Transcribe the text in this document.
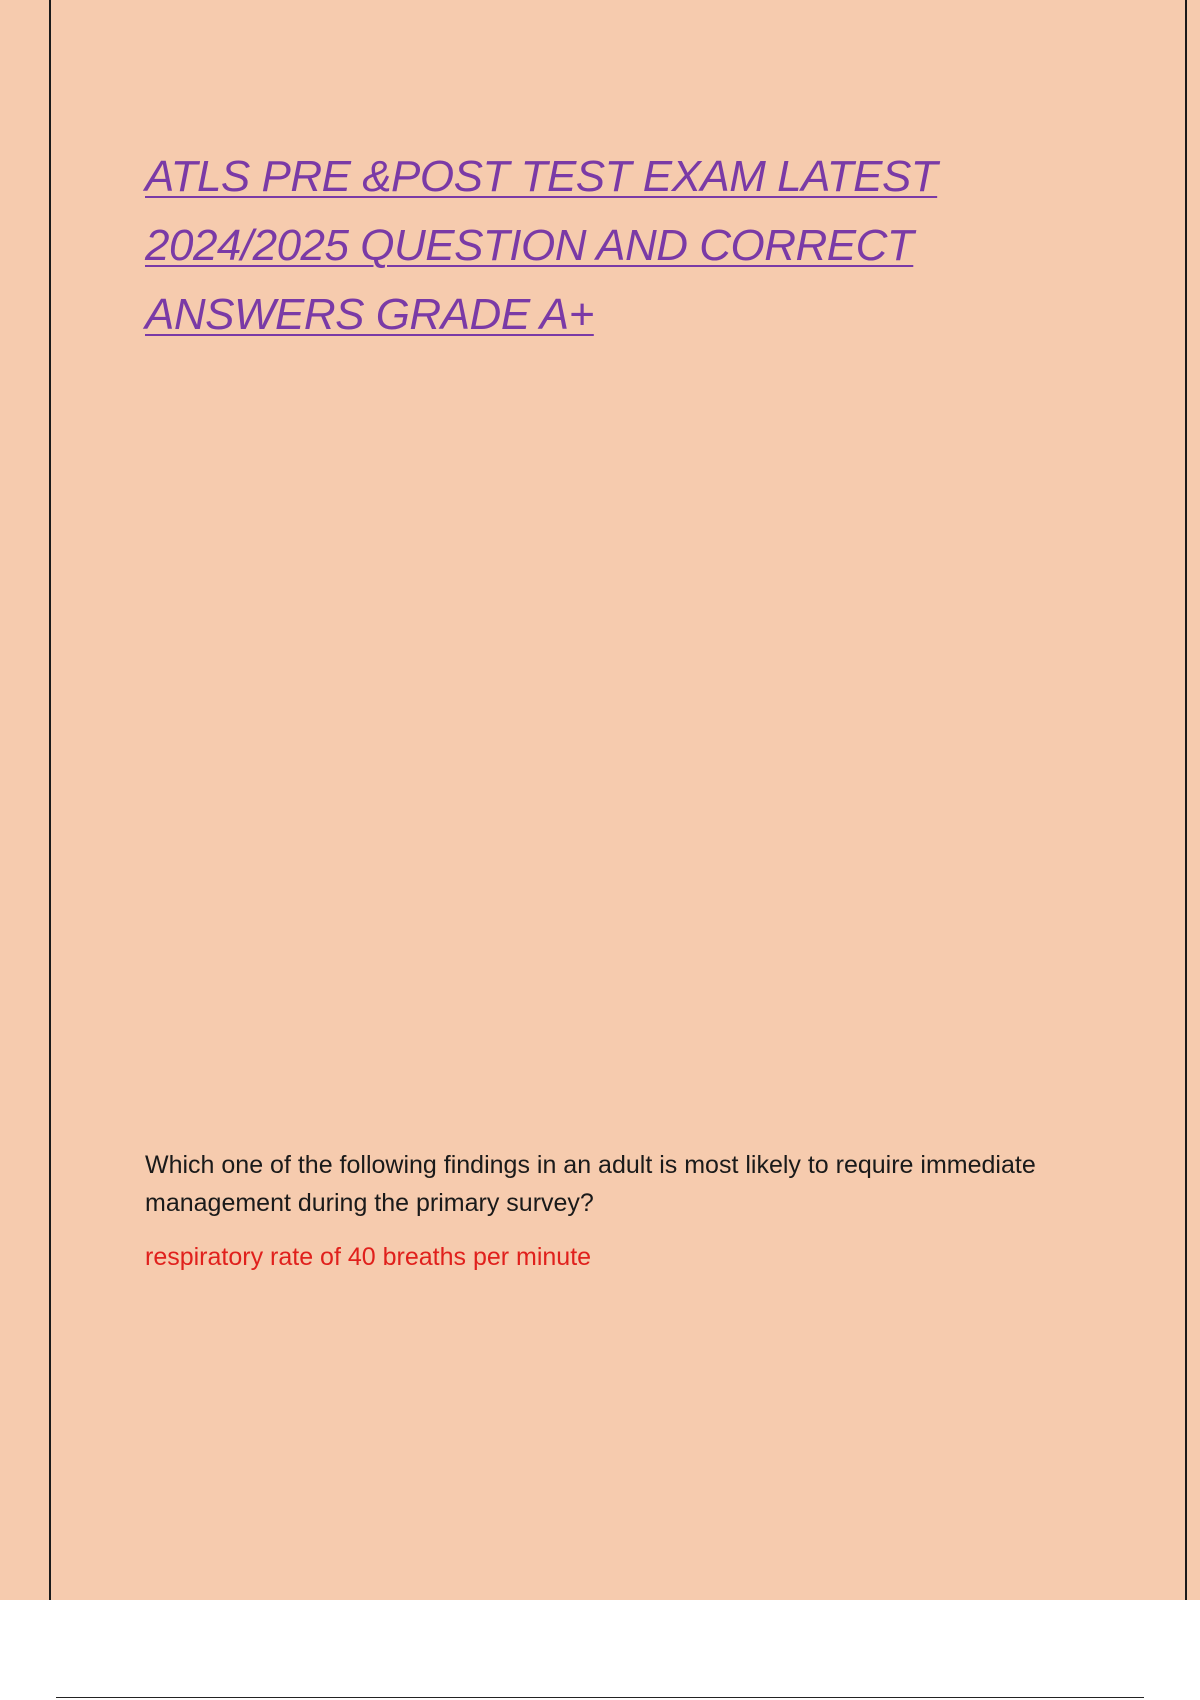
ATLS PRE &POST TEST EXAM LATEST
2024/2025 QUESTION AND CORRECT
ANSWERS GRADE A+

Which one of the following findings in an adult is most likely to require immediate management during the primary survey?

respiratory rate of 40 breaths per minute
